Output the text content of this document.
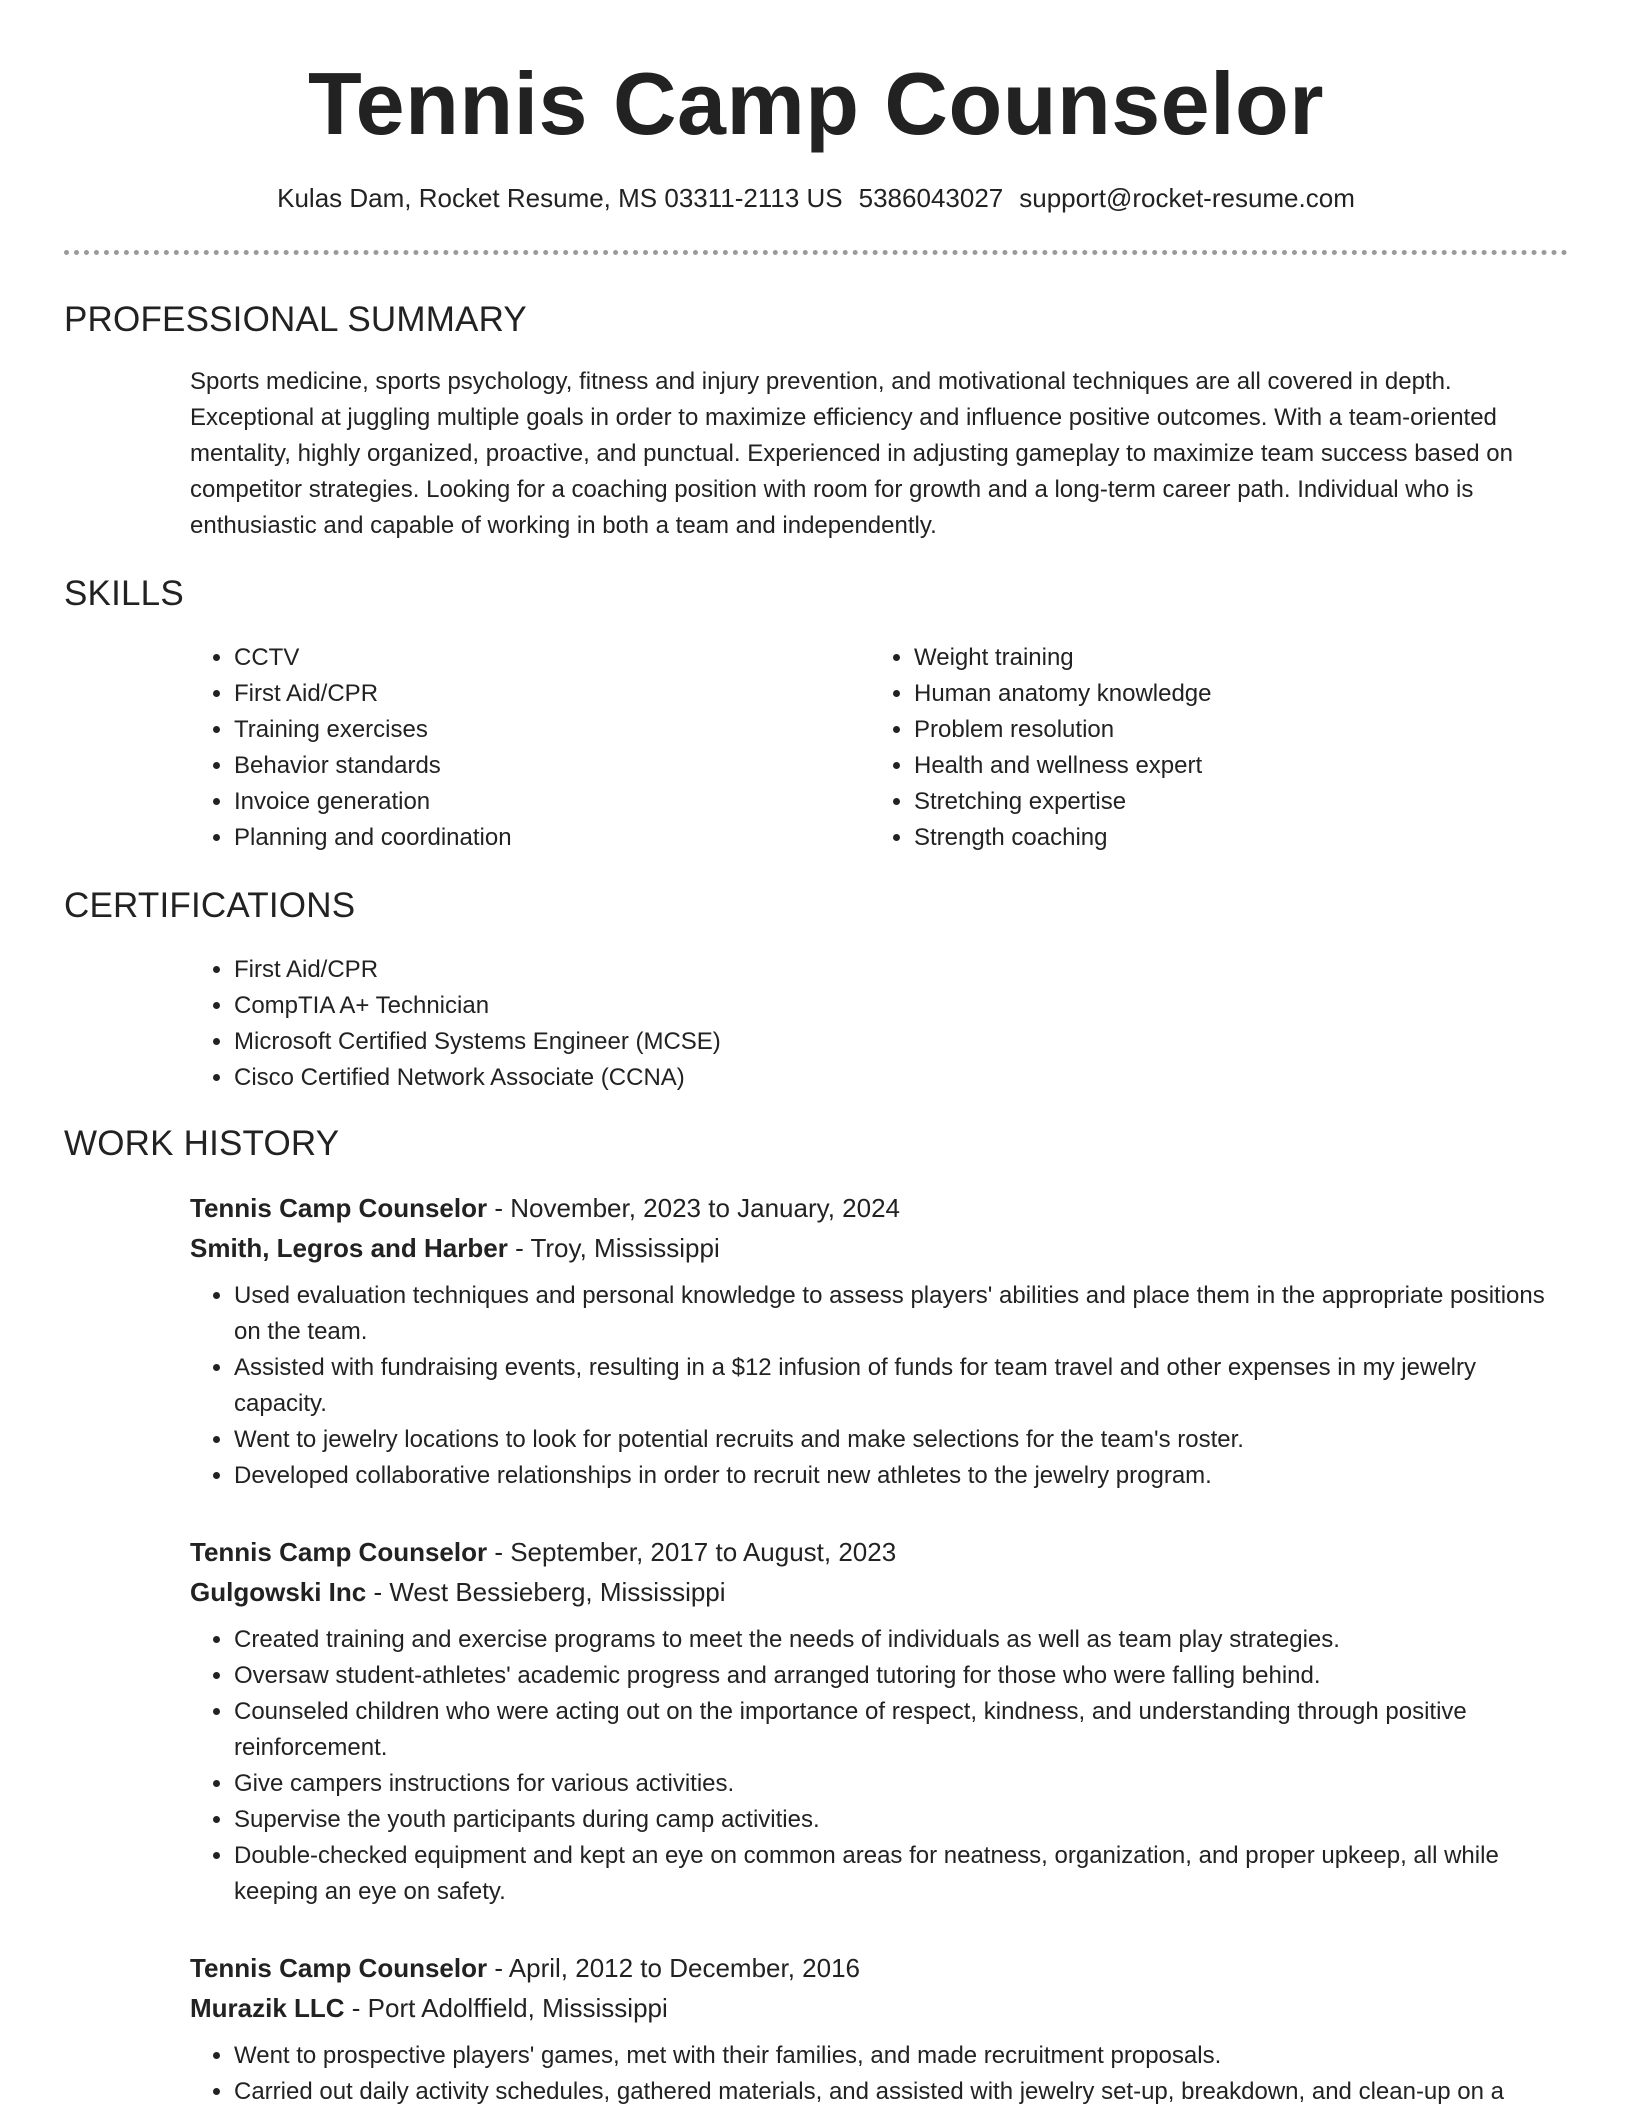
Tennis Camp Counselor
Kulas Dam, Rocket Resume, MS 03311-2113 US 5386043027 support@rocket-resume.com
PROFESSIONAL SUMMARY

Sports medicine, sports psychology, fitness and injury prevention, and motivational techniques are all covered in depth. Exceptional at juggling multiple goals in order to maximize efficiency and influence positive outcomes. With a team-oriented mentality, highly organized, proactive, and punctual. Experienced in adjusting gameplay to maximize team success based on competitor strategies. Looking for a coaching position with room for growth and a long-term career path. Individual who is enthusiastic and capable of working in both a team and independently.

SKILLS
• CCTV
• First Aid/CPR
• Training exercises
• Behavior standards
• Invoice generation
• Planning and coordination
• Weight training
• Human anatomy knowledge
• Problem resolution
• Health and wellness expert
• Stretching expertise
• Strength coaching
CERTIFICATIONS
• First Aid/CPR
• CompTIA A+ Technician
• Microsoft Certified Systems Engineer (MCSE)
• Cisco Certified Network Associate (CCNA)
WORK HISTORY

Tennis Camp Counselor - November, 2023 to January, 2024

Smith, Legros and Harber - Troy, Mississippi

• Used evaluation techniques and personal knowledge to assess players' abilities and place them in the appropriate positions on the team.
• Assisted with fundraising events, resulting in a $12 infusion of funds for team travel and other expenses in my jewelry capacity.
• Went to jewelry locations to look for potential recruits and make selections for the team's roster.
• Developed collaborative relationships in order to recruit new athletes to the jewelry program.

Tennis Camp Counselor - September, 2017 to August, 2023

Gulgowski Inc - West Bessieberg, Mississippi

• Created training and exercise programs to meet the needs of individuals as well as team play strategies.
• Oversaw student-athletes' academic progress and arranged tutoring for those who were falling behind.
• Counseled children who were acting out on the importance of respect, kindness, and understanding through positive reinforcement.
• Give campers instructions for various activities.
• Supervise the youth participants during camp activities.
• Double-checked equipment and kept an eye on common areas for neatness, organization, and proper upkeep, all while keeping an eye on safety.

Tennis Camp Counselor - April, 2012 to December, 2016

Murazik LLC - Port Adolffield, Mississippi

• Went to prospective players' games, met with their families, and made recruitment proposals.
• Carried out daily activity schedules, gathered materials, and assisted with jewelry set-up, breakdown, and clean-up on a
